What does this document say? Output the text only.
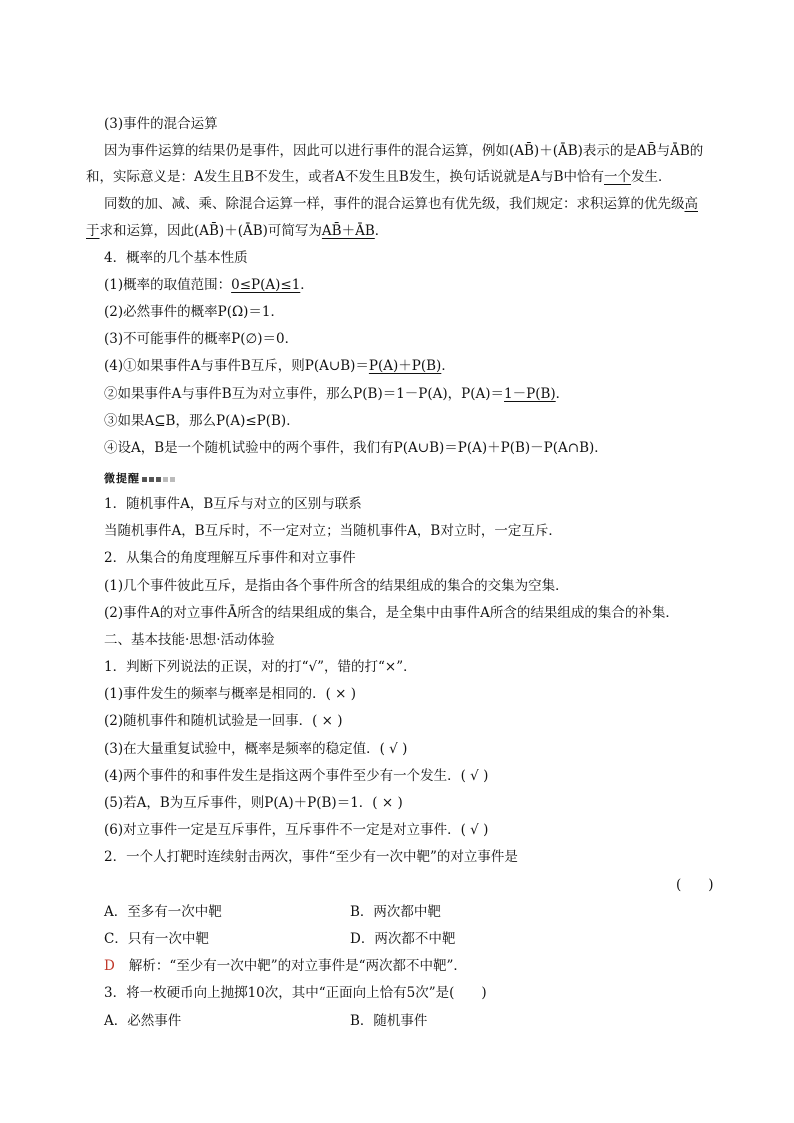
(3)事件的混合运算
因为事件运算的结果仍是事件，因此可以进行事件的混合运算，例如(AB̄)＋(ĀB)表示的是AB̄与ĀB的
和，实际意义是：A发生且B不发生，或者A不发生且B发生，换句话说就是A与B中恰有一个发生．
同数的加、减、乘、除混合运算一样，事件的混合运算也有优先级，我们规定：求积运算的优先级高
于求和运算，因此(AB̄)＋(ĀB)可简写为AB̄＋ĀB．
4．概率的几个基本性质
(1)概率的取值范围：0≤P(A)≤1．
(2)必然事件的概率P(Ω)＝1．
(3)不可能事件的概率P(∅)＝0．
(4)①如果事件A与事件B互斥，则P(A∪B)＝P(A)＋P(B)．
②如果事件A与事件B互为对立事件，那么P(B)＝1－P(A)，P(A)＝1－P(B)．
③如果A⊆B，那么P(A)≤P(B)．
④设A，B是一个随机试验中的两个事件，我们有P(A∪B)＝P(A)＋P(B)－P(A∩B)．
微提醒
1．随机事件A，B互斥与对立的区别与联系
当随机事件A，B互斥时，不一定对立；当随机事件A，B对立时，一定互斥．
2．从集合的角度理解互斥事件和对立事件
(1)几个事件彼此互斥，是指由各个事件所含的结果组成的集合的交集为空集．
(2)事件A的对立事件Ā所含的结果组成的集合，是全集中由事件A所含的结果组成的集合的补集．
二、基本技能·思想·活动体验
1．判断下列说法的正误，对的打“√”，错的打“×”．
(1)事件发生的频率与概率是相同的．( × )
(2)随机事件和随机试验是一回事．( × )
(3)在大量重复试验中，概率是频率的稳定值．( √ )
(4)两个事件的和事件发生是指这两个事件至少有一个发生．( √ )
(5)若A，B为互斥事件，则P(A)＋P(B)＝1．( × )
(6)对立事件一定是互斥事件，互斥事件不一定是对立事件．( √ )
2．一个人打靶时连续射击两次，事件“至少有一次中靶”的对立事件是
(　　)
A．至多有一次中靶	B．两次都中靶
C．只有一次中靶	D．两次都不中靶
D 解析：“至少有一次中靶”的对立事件是“两次都不中靶”．
3．将一枚硬币向上抛掷10次，其中“正面向上恰有5次”是(　　)
A．必然事件	B．随机事件
